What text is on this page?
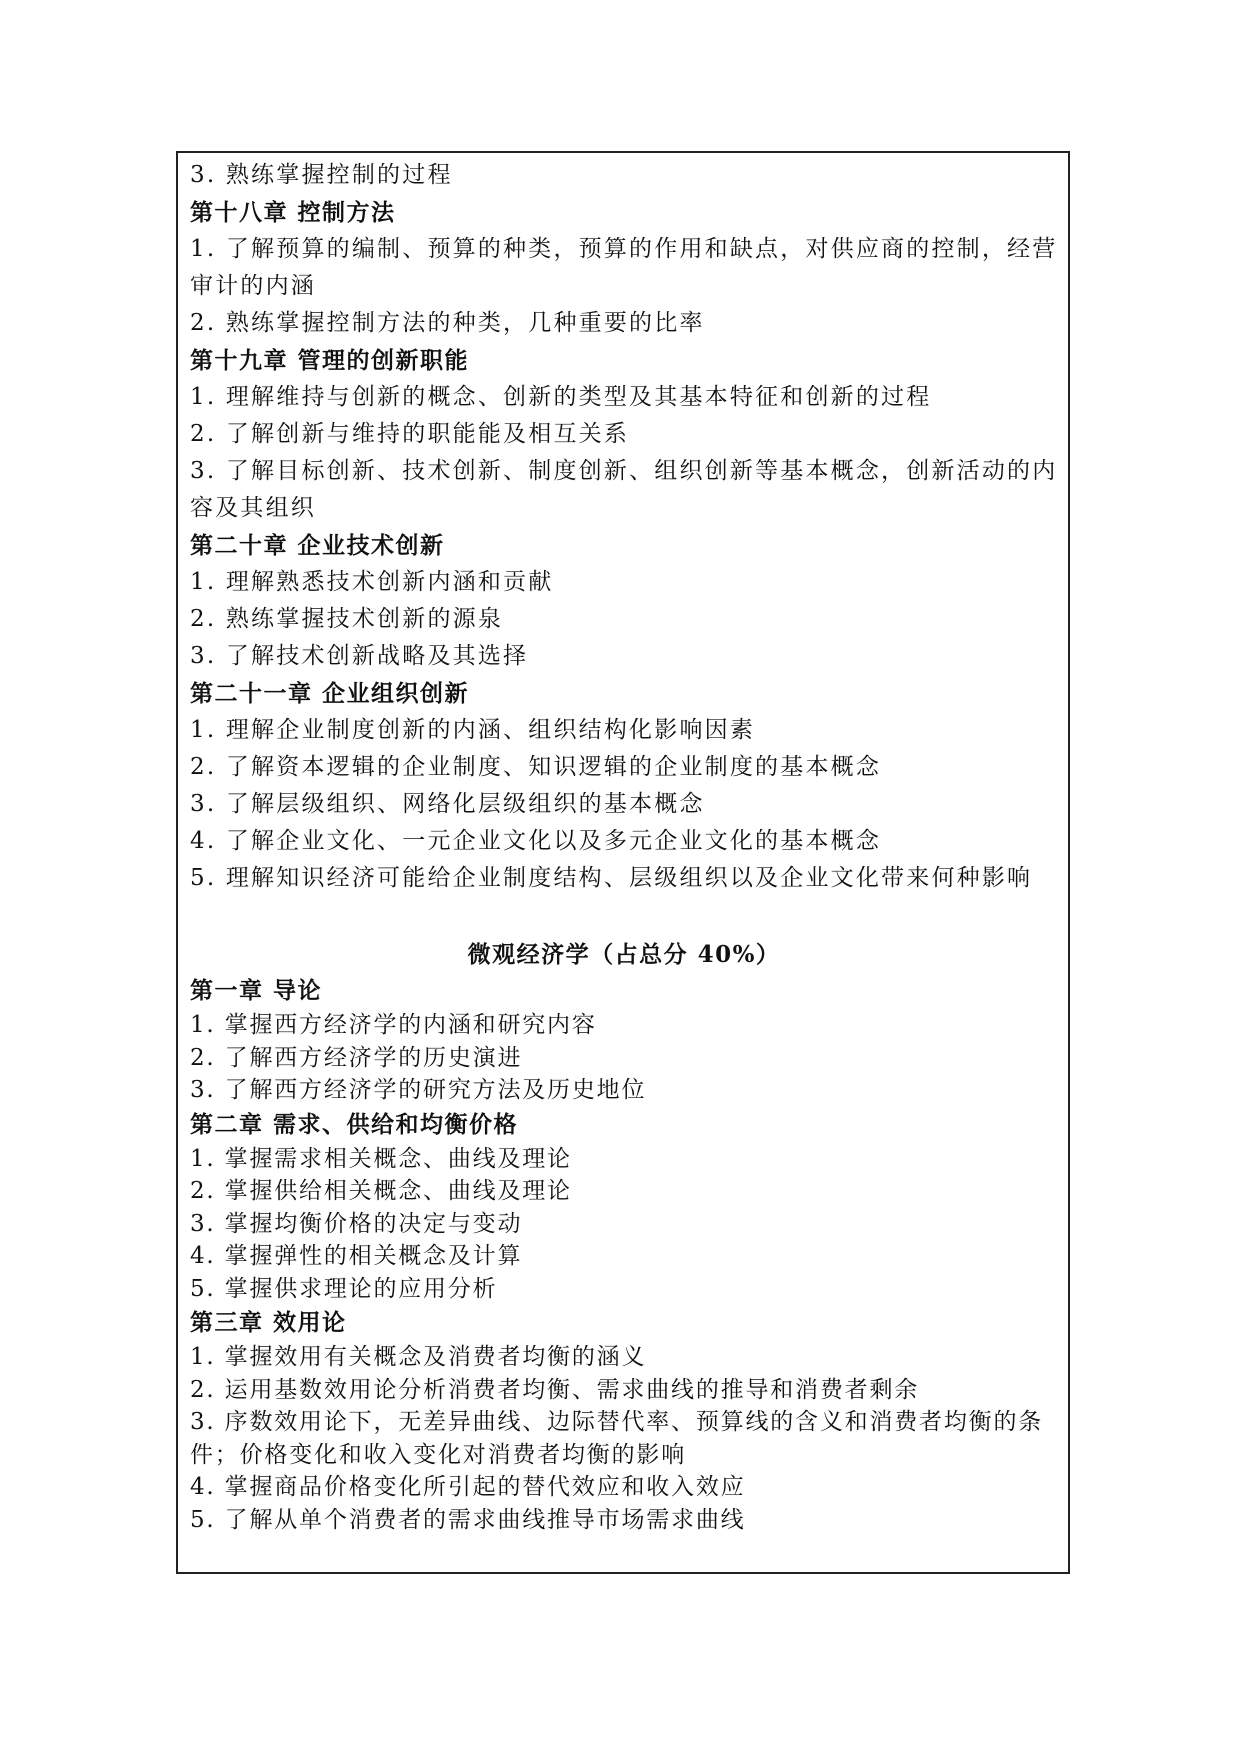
3. 熟练掌握控制的过程
第十八章 控制方法
1. 了解预算的编制、预算的种类，预算的作用和缺点，对供应商的控制，经营审计的内涵
2. 熟练掌握控制方法的种类，几种重要的比率
第十九章 管理的创新职能
1. 理解维持与创新的概念、创新的类型及其基本特征和创新的过程
2. 了解创新与维持的职能能及相互关系
3. 了解目标创新、技术创新、制度创新、组织创新等基本概念，创新活动的内容及其组织
第二十章 企业技术创新
1. 理解熟悉技术创新内涵和贡献
2. 熟练掌握技术创新的源泉
3. 了解技术创新战略及其选择
第二十一章 企业组织创新
1. 理解企业制度创新的内涵、组织结构化影响因素
2. 了解资本逻辑的企业制度、知识逻辑的企业制度的基本概念
3. 了解层级组织、网络化层级组织的基本概念
4. 了解企业文化、一元企业文化以及多元企业文化的基本概念
5. 理解知识经济可能给企业制度结构、层级组织以及企业文化带来何种影响
微观经济学（占总分 40%）
第一章 导论
1. 掌握西方经济学的内涵和研究内容
2. 了解西方经济学的历史演进
3. 了解西方经济学的研究方法及历史地位
第二章 需求、供给和均衡价格
1. 掌握需求相关概念、曲线及理论
2. 掌握供给相关概念、曲线及理论
3. 掌握均衡价格的决定与变动
4. 掌握弹性的相关概念及计算
5. 掌握供求理论的应用分析
第三章 效用论
1. 掌握效用有关概念及消费者均衡的涵义
2. 运用基数效用论分析消费者均衡、需求曲线的推导和消费者剩余
3. 序数效用论下，无差异曲线、边际替代率、预算线的含义和消费者均衡的条件；价格变化和收入变化对消费者均衡的影响
4. 掌握商品价格变化所引起的替代效应和收入效应
5. 了解从单个消费者的需求曲线推导市场需求曲线
